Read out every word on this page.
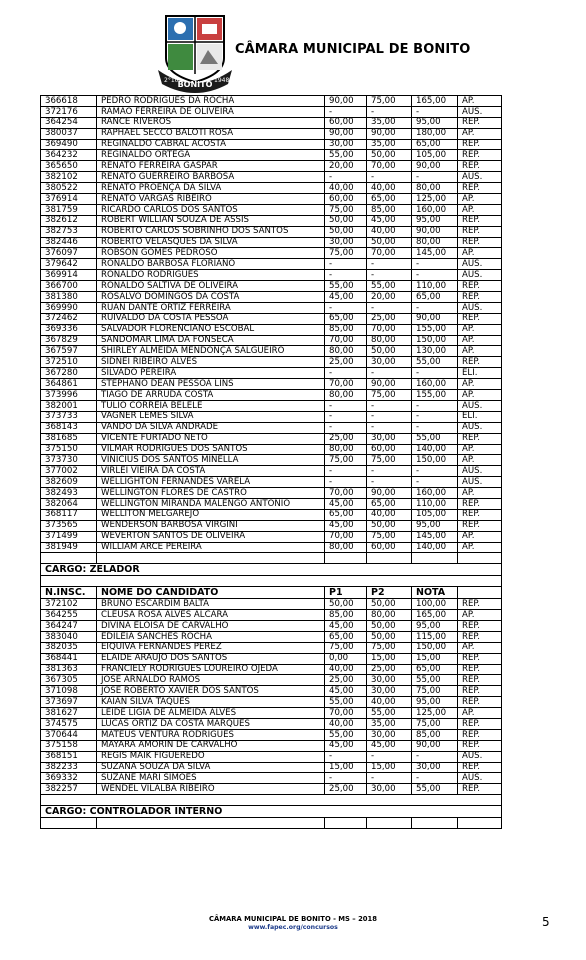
BONITO
2°10	1948
CÂMARA MUNICIPAL DE BONITO
366618	PEDRO RODRIGUES DA ROCHA	90,00	75,00	165,00	AP.
372176	RAMÃO FERREIRA DE OLIVEIRA	-	-	-	AUS.
364254	RANCE RIVEROS	60,00	35,00	95,00	REP.
380037	RAPHAEL SECCO BALOTI ROSA	90,00	90,00	180,00	AP.
369490	REGINALDO CABRAL ACOSTA	30,00	35,00	65,00	REP.
364232	REGINALDO ORTEGA	55,00	50,00	105,00	REP.
365650	RENATO FERREIRA GASPAR	20,00	70,00	90,00	REP.
382102	RENATO GUERREIRO BARBOSA	-	-	-	AUS.
380522	RENATO PROENÇA DA SILVA	40,00	40,00	80,00	REP.
376914	RENATO VARGAS RIBEIRO	60,00	65,00	125,00	AP.
381759	RICARDO CARLOS DOS SANTOS	75,00	85,00	160,00	AP.
382612	ROBERT WILLIAN SOUZA DE ASSIS	50,00	45,00	95,00	REP.
382753	ROBERTO CARLOS SOBRINHO DOS SANTOS	50,00	40,00	90,00	REP.
382446	ROBERTO VELASQUES DA SILVA	30,00	50,00	80,00	REP.
376097	ROBSON GOMES PEDROSO	75,00	70,00	145,00	AP.
379642	RONALDO BARBOSA FLORIANO	-	-	-	AUS.
369914	RONALDO RODRIGUES	-	-	-	AUS.
366700	RONALDO SALTIVA DE OLIVEIRA	55,00	55,00	110,00	REP.
381380	ROSALVO DOMINGOS DA COSTA	45,00	20,00	65,00	REP.
369990	RUAN DANTE ORTIZ FERREIRA	-	-	-	AUS.
372462	RUIVALDO DA COSTA PESSOA	65,00	25,00	90,00	REP.
369336	SALVADOR FLORENCIANO ESCOBAL	85,00	70,00	155,00	AP.
367829	SANDOMAR LIMA DA FONSECA	70,00	80,00	150,00	AP.
367597	SHIRLEY ALMEIDA MENDONÇA SALGUEIRO	80,00	50,00	130,00	AP.
372510	SIDNEI RIBEIRO ALVES	25,00	30,00	55,00	REP.
367280	SILVADO PEREIRA	-	-	-	ELI.
364861	STEPHANO DEAN PESSOA LINS	70,00	90,00	160,00	AP.
373996	TIAGO DE ARRUDA COSTA	80,00	75,00	155,00	AP.
382001	TULIO CORREIA BELELE	-	-	-	AUS.
373733	VAGNER LEMES SILVA	-	-	-	ELI.
368143	VANDO DA SILVA ANDRADE	-	-	-	AUS.
381685	VICENTE FURTADO NETO	25,00	30,00	55,00	REP.
375150	VILMAR RODRIGUES DOS SANTOS	80,00	60,00	140,00	AP.
373730	VINICIUS DOS SANTOS MINELLA	75,00	75,00	150,00	AP.
377002	VIRLEI VIEIRA DA COSTA	-	-	-	AUS.
382609	WELLIGHTON FERNANDES VARELA	-	-	-	AUS.
382493	WELLINGTON FLORES DE CASTRO	70,00	90,00	160,00	AP.
382064	WELLINGTON MIRANDA MALENGO ANTONIO	45,00	65,00	110,00	REP.
368117	WELLITON MELGAREJO	65,00	40,00	105,00	REP.
373565	WENDERSON BARBOSA VIRGINI	45,00	50,00	95,00	REP.
371499	WEVERTON SANTOS DE OLIVEIRA	70,00	75,00	145,00	AP.
381949	WILLIAM ARCE PEREIRA	80,00	60,00	140,00	AP.

CARGO: ZELADOR					

N.INSC.	NOME DO CANDIDATO	P1	P2	NOTA	
372102	BRUNO ESCARDIM BALTA	50,00	50,00	100,00	REP.
364255	CLEUSA ROSA ALVES ALCARA	85,00	80,00	165,00	AP.
364247	DIVINA ELOISA DE CARVALHO	45,00	50,00	95,00	REP.
383040	EDILEIA SANCHES ROCHA	65,00	50,00	115,00	REP.
382035	EIQUIVÁ FERNANDES PEREZ	75,00	75,00	150,00	AP.
368441	ELAIDE ARAUJO DOS SANTOS	0,00	15,00	15,00	REP.
381363	FRANCIELY RODRIGUES LOUREIRO OJEDA	40,00	25,00	65,00	REP.
367305	JOSÉ ARNALDO RAMOS	25,00	30,00	55,00	REP.
371098	JOSÉ ROBERTO XAVIER DOS SANTOS	45,00	30,00	75,00	REP.
373697	KAIAN SILVA TAQUES	55,00	40,00	95,00	REP.
381627	LEIDE LIGIA DE ALMEIDA ALVES	70,00	55,00	125,00	AP.
374575	LUCAS ORTIZ DA COSTA MARQUES	40,00	35,00	75,00	REP.
370644	MATEUS VENTURA RODRIGUES	55,00	30,00	85,00	REP.
375158	MAYARA AMORIN DE CARVALHO	45,00	45,00	90,00	REP.
368151	RÉGIS MAIK FIGUEREDO	-	-	-	AUS.
382233	SUZANA SOUZA DA SILVA	15,00	15,00	30,00	REP.
369332	SUZANE MARI SIMÕES	-	-	-	AUS.
382257	WENDEL VILALBA RIBEIRO	25,00	30,00	55,00	REP.

CARGO: CONTROLADOR INTERNO					

CÂMARA MUNICIPAL DE BONITO - MS – 2018
www.fapec.org/concursos	5
